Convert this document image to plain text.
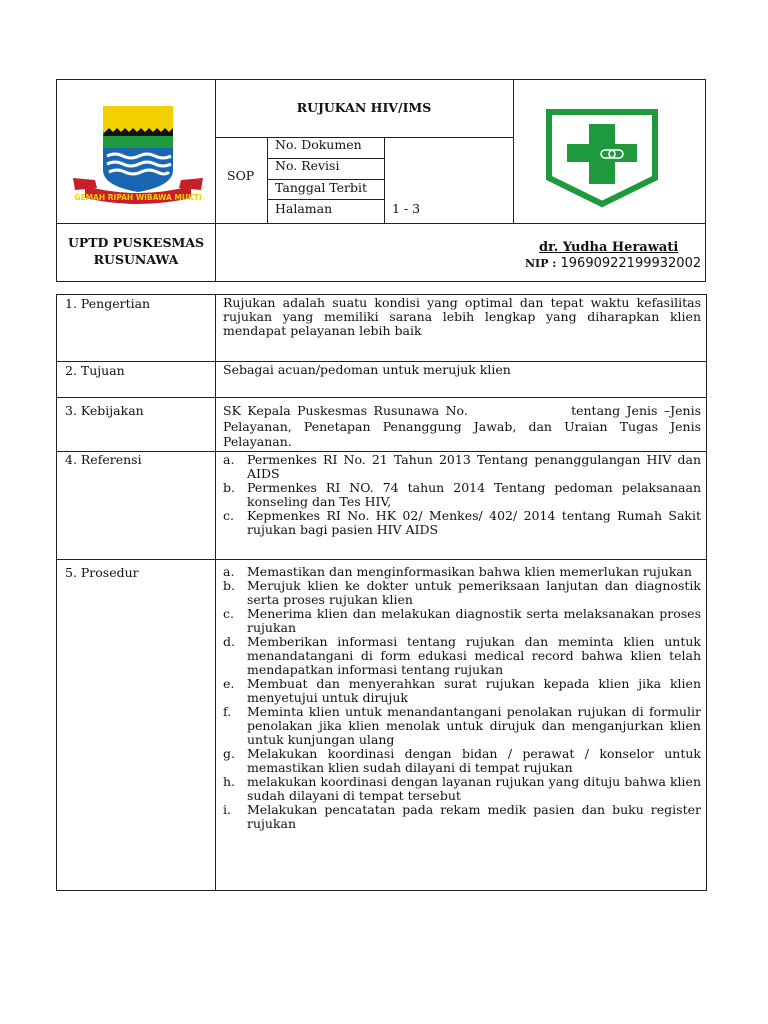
GEMAH RIPAH WIBAWA MUKTI
RUJUKAN HIV/IMS
SOP
No. Dokumen
No. Revisi
Tanggal Terbit
Halaman	1 - 3
UPTD PUSKESMAS
RUSUNAWA
dr. Yudha Herawati
NIP : 19690922199932002
1. Pengertian	Rujukan adalah suatu kondisi yang optimal dan tepat waktu kefasilitas rujukan yang memiliki sarana lebih lengkap yang diharapkan klien mendapat pelayanan lebih baik
2. Tujuan	Sebagai acuan/pedoman untuk merujuk klien
3. Kebijakan	SK Kepala Puskesmas Rusunawa No.                tentang Jenis –Jenis Pelayanan, Penetapan Penanggung Jawab, dan Uraian Tugas Jenis Pelayanan.
4. Referensi	a. Permenkes RI No. 21 Tahun 2013 Tentang penanggulangan HIV dan AIDS
b. Permenkes RI NO. 74 tahun 2014 Tentang pedoman pelaksanaan konseling dan Tes HIV,
c. Kepmenkes RI No. HK 02/ Menkes/ 402/ 2014 tentang Rumah Sakit rujukan bagi pasien HIV AIDS
5. Prosedur	a. Memastikan dan menginformasikan bahwa klien memerlukan rujukan
b. Merujuk klien ke dokter untuk pemeriksaan lanjutan dan diagnostik serta proses rujukan klien
c. Menerima klien dan melakukan diagnostik serta melaksanakan proses rujukan
d. Memberikan informasi tentang rujukan dan meminta klien untuk menandatangani di form edukasi medical record bahwa klien telah mendapatkan informasi tentang rujukan
e. Membuat dan menyerahkan surat rujukan kepada klien jika klien menyetujui untuk dirujuk
f. Meminta klien untuk menandantangani penolakan rujukan di formulir penolakan jika klien menolak untuk dirujuk dan menganjurkan klien untuk kunjungan ulang
g. Melakukan koordinasi dengan bidan / perawat / konselor untuk memastikan klien sudah dilayani di tempat rujukan
h. melakukan koordinasi dengan layanan rujukan yang dituju bahwa klien sudah dilayani di tempat tersebut
i. Melakukan pencatatan pada rekam medik pasien dan buku register rujukan
